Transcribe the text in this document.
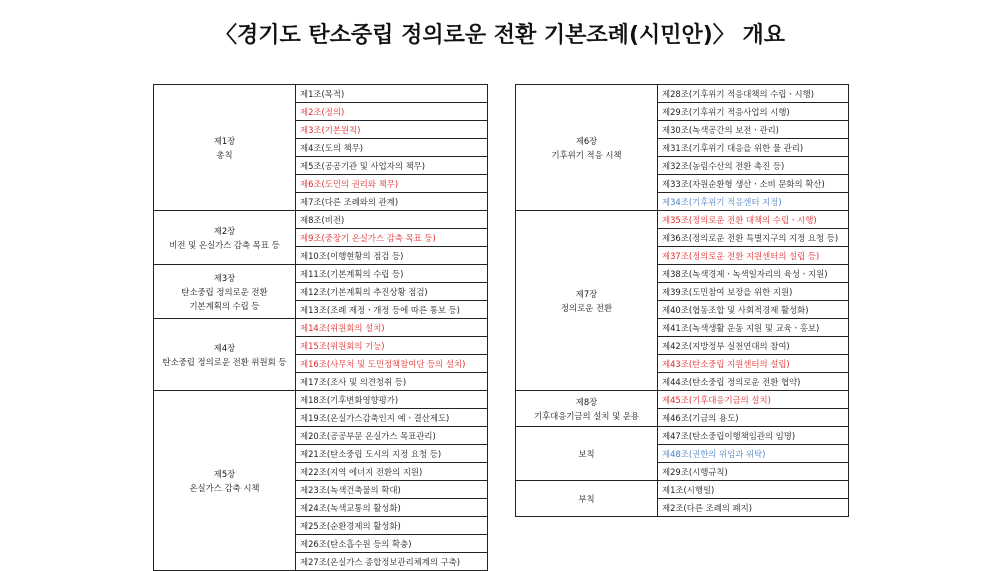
〈경기도 탄소중립 정의로운 전환 기본조례(시민안)〉 개요
제1장
총칙	제1조(목적)
	제2조(정의)
	제3조(기본원칙)
	제4조(도의 책무)
	제5조(공공기관 및 사업자의 책무)
	제6조(도민의 권리와 책무)
	제7조(다른 조례와의 관계)

제2장
비전 및 온실가스 감축 목표 등	제8조(비전)
	제9조(중장기 온실가스 감축 목표 등)
	제10조(이행현황의 점검 등)

제3장
탄소중립 정의로운 전환
기본계획의 수립 등	제11조(기본계획의 수립 등)
	제12조(기본계획의 추진상황 점검)
	제13조(조례 제정ㆍ개정 등에 따른 통보 등)

제4장
탄소중립 정의로운 전환 위원회 등	제14조(위원회의 설치)
	제15조(위원회의 기능)
	제16조(사무처 및 도민정책참여단 등의 설치)
	제17조(조사 및 의견청취 등)

제5장
온실가스 감축 시책	제18조(기후변화영향평가)
	제19조(온실가스감축인지 예ㆍ결산제도)
	제20조(공공부문 온실가스 목표관리)
	제21조(탄소중립 도시의 지정 요청 등)
	제22조(지역 에너지 전환의 지원)
	제23조(녹색건축물의 확대)
	제24조(녹색교통의 활성화)
	제25조(순환경제의 활성화)
	제26조(탄소흡수원 등의 확충)
	제27조(온실가스 종합정보관리체계의 구축)
제6장
기후위기 적응 시책	제28조(기후위기 적응대책의 수립ㆍ시행)
	제29조(기후위기 적응사업의 시행)
	제30조(녹색공간의 보전ㆍ관리)
	제31조(기후위기 대응을 위한 물 관리)
	제32조(농림수산의 전환 촉진 등)
	제33조(자원순환형 생산ㆍ소비 문화의 확산)
	제34조(기후위기 적응센터 지정)

제7장
정의로운 전환	제35조(정의로운 전환 대책의 수립ㆍ시행)
	제36조(정의로운 전환 특별지구의 지정 요청 등)
	제37조(정의로운 전환 지원센터의 설립 등)
	제38조(녹색경제ㆍ녹색일자리의 육성ㆍ지원)
	제39조(도민참여 보장을 위한 지원)
	제40조(협동조합 및 사회적경제 활성화)
	제41조(녹색생활 운동 지원 및 교육ㆍ홍보)
	제42조(지방정부 실천연대의 참여)
	제43조(탄소중립 지원센터의 설립)
	제44조(탄소중립 정의로운 전환 협약)

제8장
기후대응기금의 설치 및 운용	제45조(기후대응기금의 설치)
	제46조(기금의 용도)

보칙	제47조(탄소중립이행책임관의 임명)
	제48조(권한의 위임과 위탁)
	제29조(시행규칙)

부칙	제1조(시행일)
	제2조(다른 조례의 폐지)
